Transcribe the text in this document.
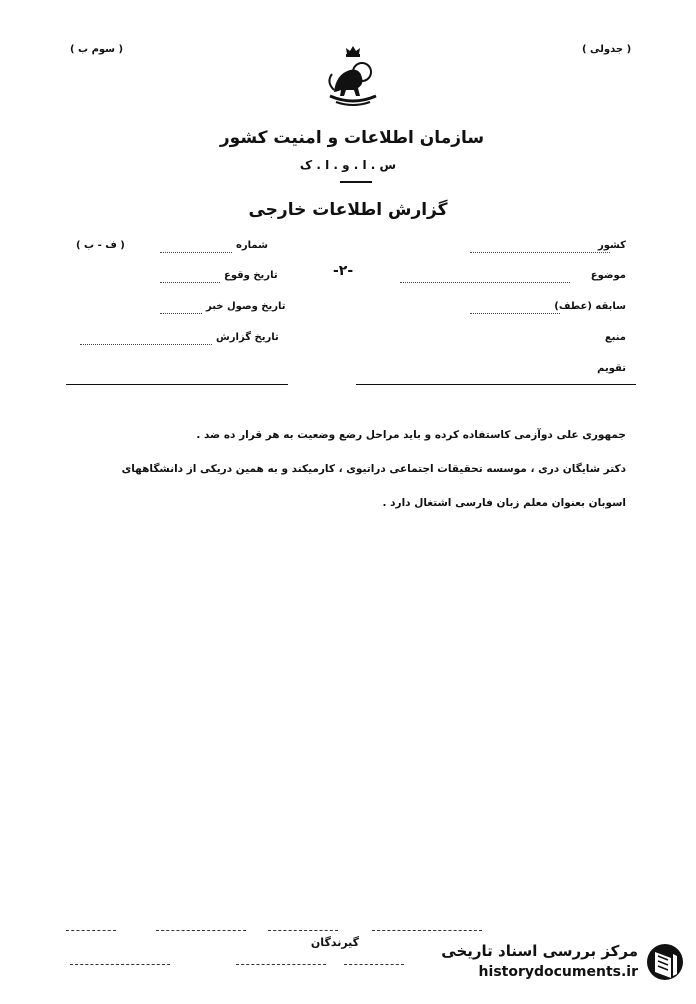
( سوم ب )	( جدولی )
سازمان اطلاعات و امنیت کشور
س . ا . و . ا . ک
گزارش اطلاعات خارجی
کشور
موضوع
سابقه (عطف)
منبع
تقویم
شماره
( ف - ب )
تاریخ وقوع
تاریخ وصول خبر
تاریخ گزارش
-۲-
جمهوری علی دوآزمی کاستفاده کرده و باید مراحل رضع وضعیت به هر قرار ده ضد .
دکتر شایگان دری ، موسسه تحقیقات اجتماعی دراتیوی ، کارمیکند و به همین دریکی از دانشگاههای
اسوبان بعنوان معلم زبان فارسی اشتغال دارد .
گیرندگان	مرکز بررسی اسناد تاریخی
historydocuments.ir
